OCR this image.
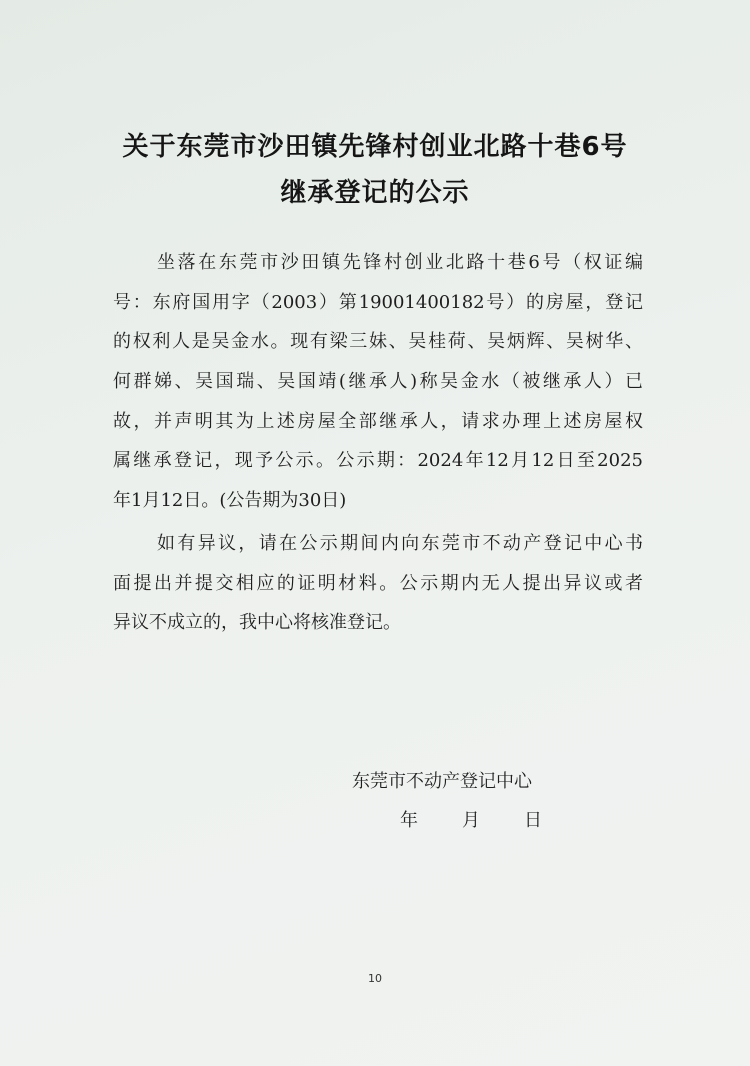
关于东莞市沙田镇先锋村创业北路十巷6号
继承登记的公示
坐落在东莞市沙田镇先锋村创业北路十巷6号（权证编
号：东府国用字（2003）第19001400182号）的房屋，登记
的权利人是吴金水。现有梁三妹、吴桂荷、吴炳辉、吴树华、
何群娣、吴国瑞、吴国靖(继承人)称吴金水（被继承人）已
故，并声明其为上述房屋全部继承人，请求办理上述房屋权
属继承登记，现予公示。公示期：2024年12月12日至2025
年1月12日。(公告期为30日)
如有异议，请在公示期间内向东莞市不动产登记中心书
面提出并提交相应的证明材料。公示期内无人提出异议或者
异议不成立的，我中心将核准登记。
东莞市不动产登记中心
年 月 日
10
